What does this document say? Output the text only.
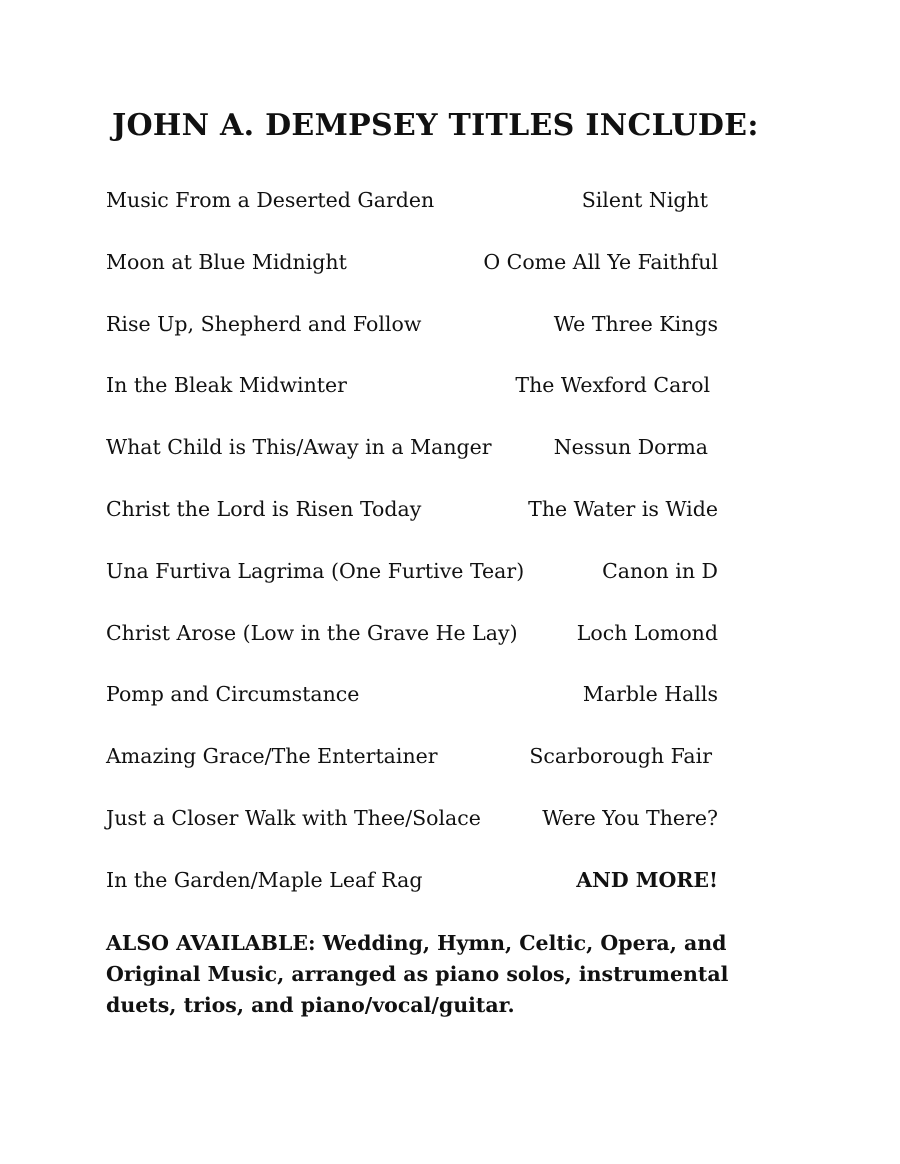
JOHN A. DEMPSEY TITLES INCLUDE:
Music From a Deserted Garden	Silent Night
Moon at Blue Midnight	O Come All Ye Faithful
Rise Up, Shepherd and Follow	We Three Kings
In the Bleak Midwinter	The Wexford Carol
What Child is This/Away in a Manger	Nessun Dorma
Christ the Lord is Risen Today	The Water is Wide
Una Furtiva Lagrima (One Furtive Tear)	Canon in D
Christ Arose (Low in the Grave He Lay)	Loch Lomond
Pomp and Circumstance	Marble Halls
Amazing Grace/The Entertainer	Scarborough Fair
Just a Closer Walk with Thee/Solace	Were You There?
In the Garden/Maple Leaf Rag	AND MORE!

ALSO AVAILABLE: Wedding, Hymn, Celtic, Opera, and Original Music, arranged as piano solos, instrumental duets, trios, and piano/vocal/guitar.
